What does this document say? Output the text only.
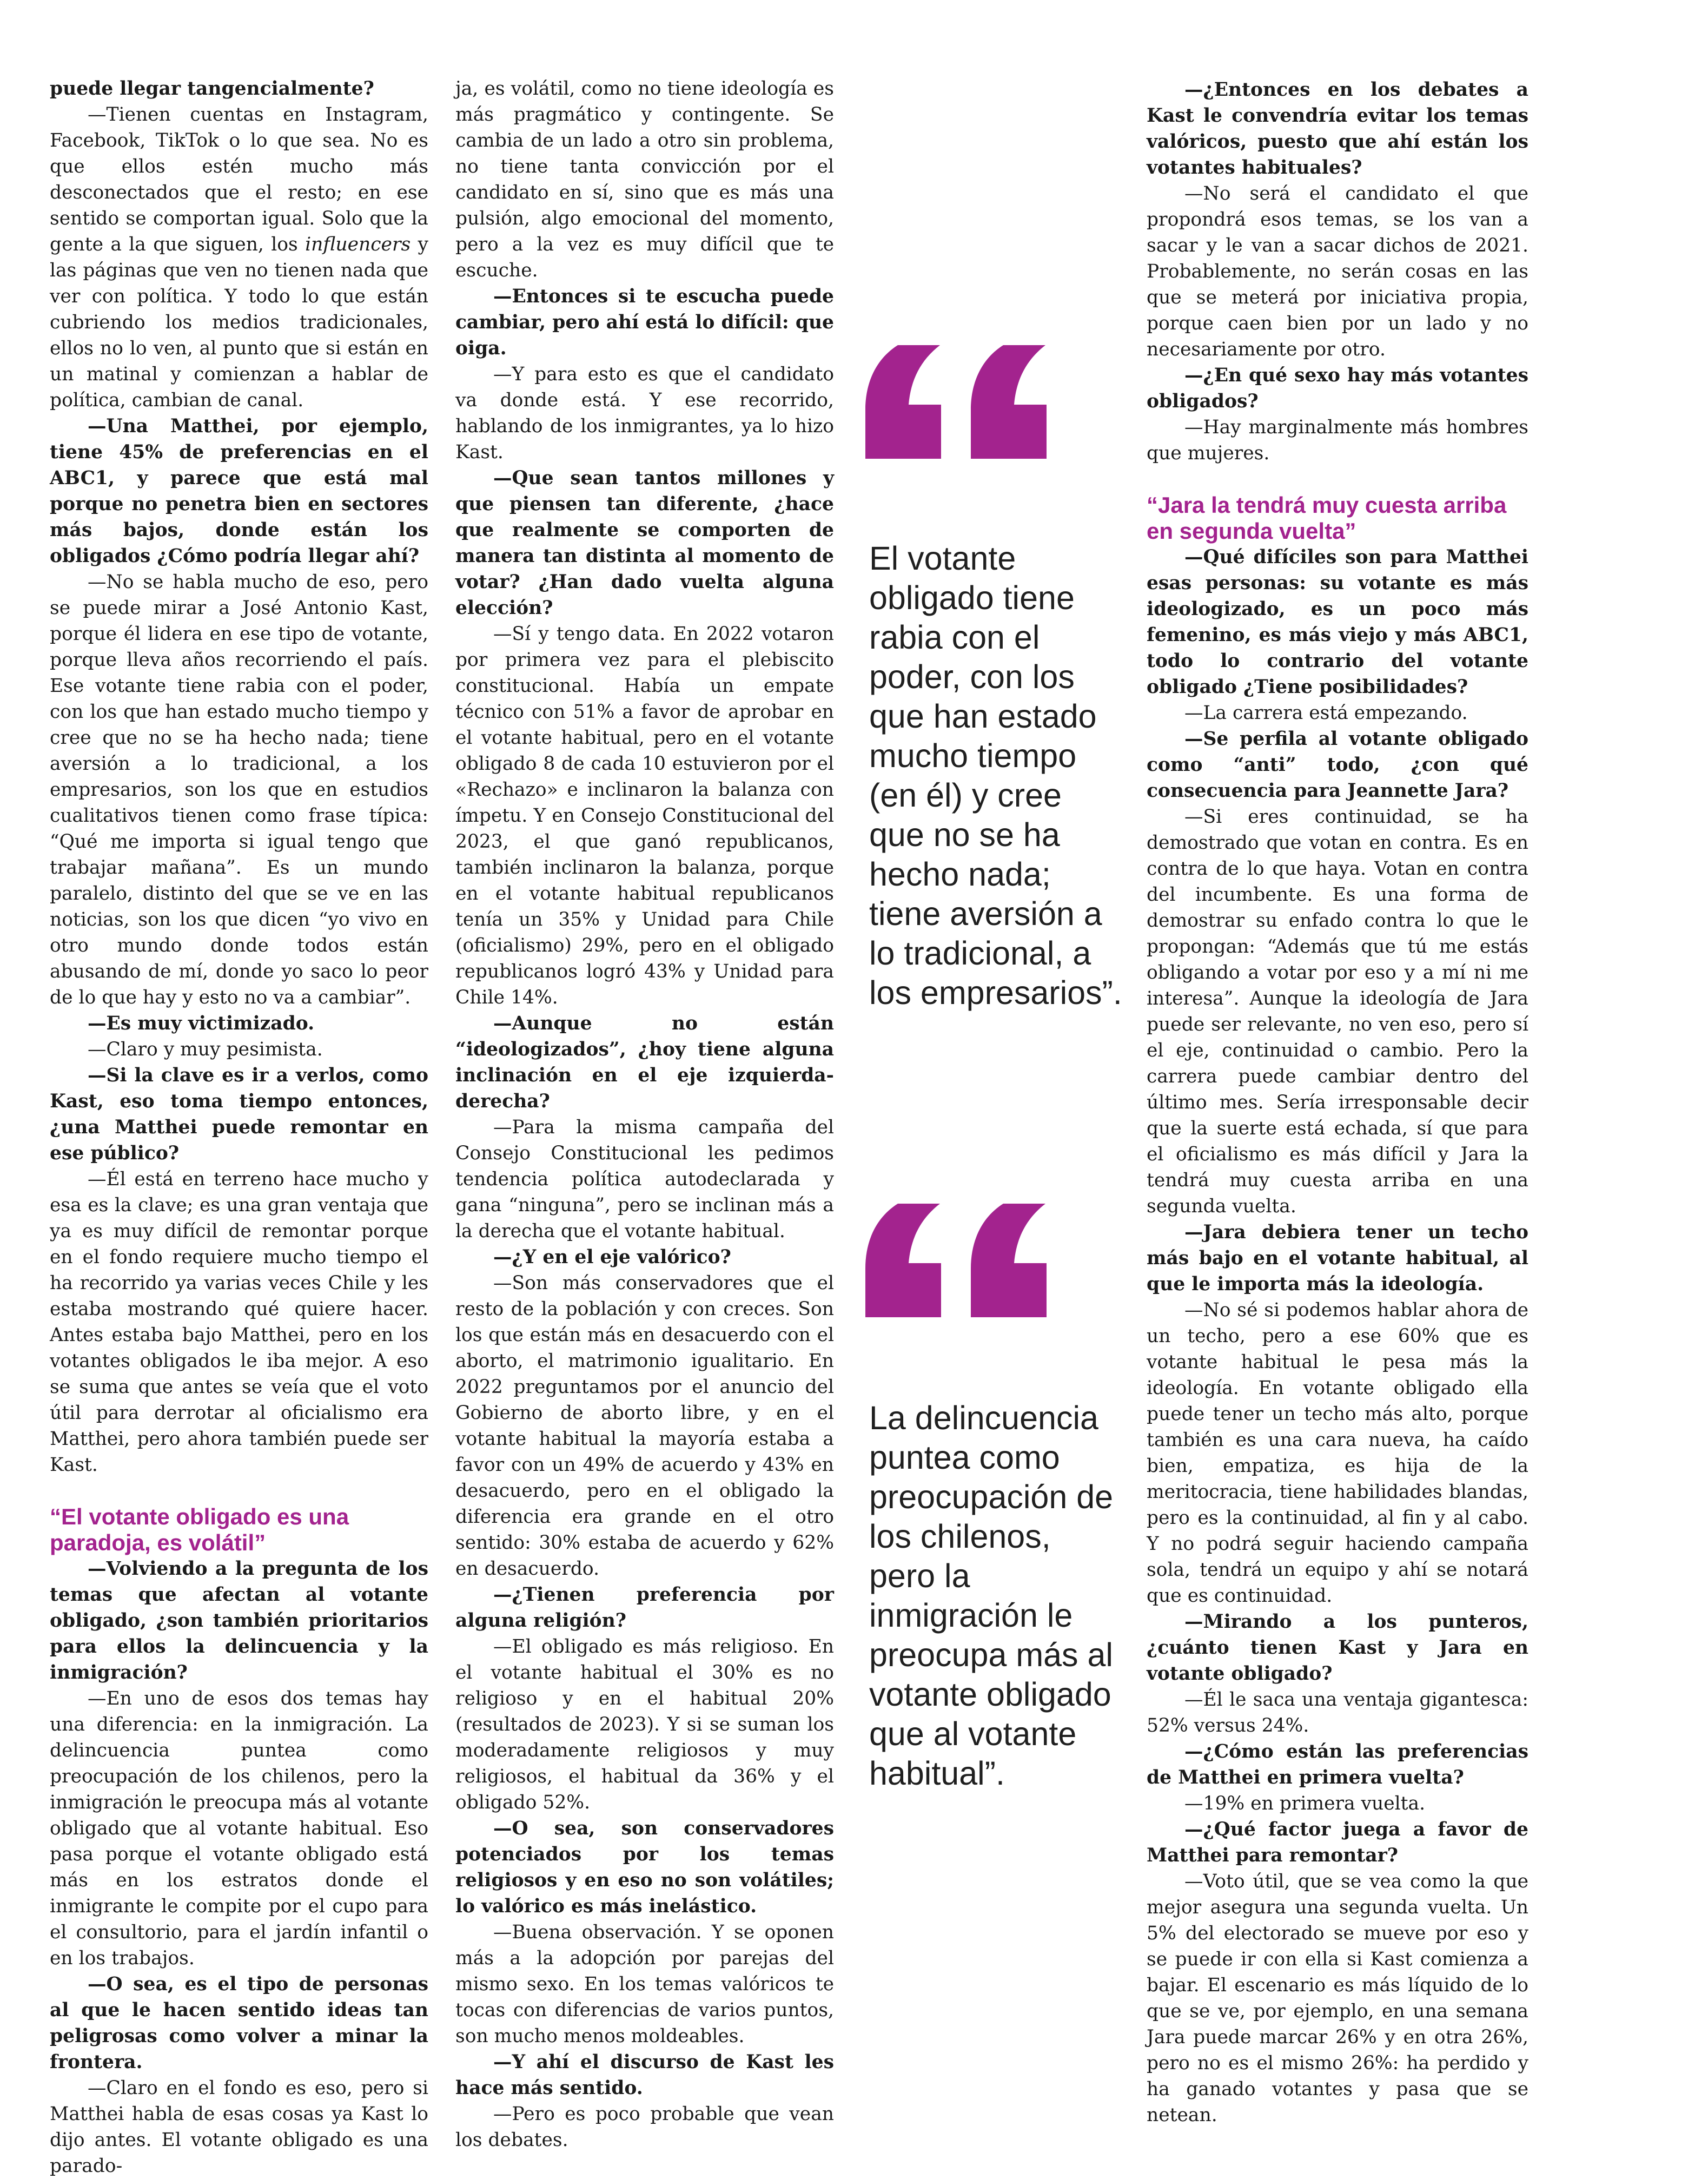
puede llegar tangencialmente?

—Tienen cuentas en Instagram, Facebook, TikTok o lo que sea. No es que ellos estén mucho más desconectados que el resto; en ese sentido se comportan igual. Solo que la gente a la que siguen, los influencers y las páginas que ven no tienen nada que ver con política. Y todo lo que están cubriendo los medios tradicionales, ellos no lo ven, al punto que si están en un matinal y comienzan a hablar de política, cambian de canal.

—Una Matthei, por ejemplo, tiene 45% de preferencias en el ABC1, y parece que está mal porque no penetra bien en sectores más bajos, donde están los obligados ¿Cómo podría llegar ahí?

—No se habla mucho de eso, pero se puede mirar a José Antonio Kast, porque él lidera en ese tipo de votante, porque lleva años recorriendo el país. Ese votante tiene rabia con el poder, con los que han estado mucho tiempo y cree que no se ha hecho nada; tiene aversión a lo tradicional, a los empresarios, son los que en estudios cualitativos tienen como frase típica: “Qué me importa si igual tengo que trabajar mañana”. Es un mundo paralelo, distinto del que se ve en las noticias, son los que dicen “yo vivo en otro mundo donde todos están abusando de mí, donde yo saco lo peor de lo que hay y esto no va a cambiar”.

—Es muy victimizado.

—Claro y muy pesimista.

—Si la clave es ir a verlos, como Kast, eso toma tiempo entonces, ¿una Matthei puede remontar en ese público?

—Él está en terreno hace mucho y esa es la clave; es una gran ventaja que ya es muy difícil de remontar porque en el fondo requiere mucho tiempo el ha recorrido ya varias veces Chile y les estaba mostrando qué quiere hacer. Antes estaba bajo Matthei, pero en los votantes obligados le iba mejor. A eso se suma que antes se veía que el voto útil para derrotar al oficialismo era Matthei, pero ahora también puede ser Kast.

“El votante obligado es una paradoja, es volátil”

—Volviendo a la pregunta de los temas que afectan al votante obligado, ¿son también prioritarios para ellos la delincuencia y la inmigración?

—En uno de esos dos temas hay una diferencia: en la inmigración. La delincuencia puntea como preocupación de los chilenos, pero la inmigración le preocupa más al votante obligado que al votante habitual. Eso pasa porque el votante obligado está más en los estratos donde el inmigrante le compite por el cupo para el consultorio, para el jardín infantil o en los trabajos.

—O sea, es el tipo de personas al que le hacen sentido ideas tan peligrosas como volver a minar la frontera.

—Claro en el fondo es eso, pero si Matthei habla de esas cosas ya Kast lo dijo antes. El votante obligado es una parado-

ja, es volátil, como no tiene ideología es más pragmático y contingente. Se cambia de un lado a otro sin problema, no tiene tanta convicción por el candidato en sí, sino que es más una pulsión, algo emocional del momento, pero a la vez es muy difícil que te escuche.

—Entonces si te escucha puede cambiar, pero ahí está lo difícil: que oiga.

—Y para esto es que el candidato va donde está. Y ese recorrido, hablando de los inmigrantes, ya lo hizo Kast.

—Que sean tantos millones y que piensen tan diferente, ¿hace que realmente se comporten de manera tan distinta al momento de votar? ¿Han dado vuelta alguna elección?

—Sí y tengo data. En 2022 votaron por primera vez para el plebiscito constitucional. Había un empate técnico con 51% a favor de aprobar en el votante habitual, pero en el votante obligado 8 de cada 10 estuvieron por el «Rechazo» e inclinaron la balanza con ímpetu. Y en Consejo Constitucional del 2023, el que ganó republicanos, también inclinaron la balanza, porque en el votante habitual republicanos tenía un 35% y Unidad para Chile (oficialismo) 29%, pero en el obligado republicanos logró 43% y Unidad para Chile 14%.

—Aunque no están “ideologizados”, ¿hoy tiene alguna inclinación en el eje izquierda-derecha?

—Para la misma campaña del Consejo Constitucional les pedimos tendencia política autodeclarada y gana “ninguna”, pero se inclinan más a la derecha que el votante habitual.

—¿Y en el eje valórico?

—Son más conservadores que el resto de la población y con creces. Son los que están más en desacuerdo con el aborto, el matrimonio igualitario. En 2022 preguntamos por el anuncio del Gobierno de aborto libre, y en el votante habitual la mayoría estaba a favor con un 49% de acuerdo y 43% en desacuerdo, pero en el obligado la diferencia era grande en el otro sentido: 30% estaba de acuerdo y 62% en desacuerdo.

—¿Tienen preferencia por alguna religión?

—El obligado es más religioso. En el votante habitual el 30% es no religioso y en el habitual 20% (resultados de 2023). Y si se suman los moderadamente religiosos y muy religiosos, el habitual da 36% y el obligado 52%.

—O sea, son conservadores potenciados por los temas religiosos y en eso no son volátiles; lo valórico es más inelástico.

—Buena observación. Y se oponen más a la adopción por parejas del mismo sexo. En los temas valóricos te tocas con diferencias de varios puntos, son mucho menos moldeables.

—Y ahí el discurso de Kast les hace más sentido.

—Pero es poco probable que vean los debates.

El votante obligado tiene rabia con el poder, con los que han estado mucho tiempo (en él) y cree que no se ha hecho nada; tiene aversión a lo tradicional, a los empresarios”.
La delincuencia puntea como preocupación de los chilenos, pero la inmigración le preocupa más al votante obligado que al votante habitual”.

—¿Entonces en los debates a Kast le convendría evitar los temas valóricos, puesto que ahí están los votantes habituales?

—No será el candidato el que propondrá esos temas, se los van a sacar y le van a sacar dichos de 2021. Probablemente, no serán cosas en las que se meterá por iniciativa propia, porque caen bien por un lado y no necesariamente por otro.

—¿En qué sexo hay más votantes obligados?

—Hay marginalmente más hombres que mujeres.

“Jara la tendrá muy cuesta arriba en segunda vuelta”

—Qué difíciles son para Matthei esas personas: su votante es más ideologizado, es un poco más femenino, es más viejo y más ABC1, todo lo contrario del votante obligado ¿Tiene posibilidades?

—La carrera está empezando.

—Se perfila al votante obligado como “anti” todo, ¿con qué consecuencia para Jeannette Jara?

—Si eres continuidad, se ha demostrado que votan en contra. Es en contra de lo que haya. Votan en contra del incumbente. Es una forma de demostrar su enfado contra lo que le propongan: “Además que tú me estás obligando a votar por eso y a mí ni me interesa”. Aunque la ideología de Jara puede ser relevante, no ven eso, pero sí el eje, continuidad o cambio. Pero la carrera puede cambiar dentro del último mes. Sería irresponsable decir que la suerte está echada, sí que para el oficialismo es más difícil y Jara la tendrá muy cuesta arriba en una segunda vuelta.

—Jara debiera tener un techo más bajo en el votante habitual, al que le importa más la ideología.

—No sé si podemos hablar ahora de un techo, pero a ese 60% que es votante habitual le pesa más la ideología. En votante obligado ella puede tener un techo más alto, porque también es una cara nueva, ha caído bien, empatiza, es hija de la meritocracia, tiene habilidades blandas, pero es la continuidad, al fin y al cabo. Y no podrá seguir haciendo campaña sola, tendrá un equipo y ahí se notará que es continuidad.

—Mirando a los punteros, ¿cuánto tienen Kast y Jara en votante obligado?

—Él le saca una ventaja gigantesca: 52% versus 24%.

—¿Cómo están las preferencias de Matthei en primera vuelta?

—19% en primera vuelta.

—¿Qué factor juega a favor de Matthei para remontar?

—Voto útil, que se vea como la que mejor asegura una segunda vuelta. Un 5% del electorado se mueve por eso y se puede ir con ella si Kast comienza a bajar. El escenario es más líquido de lo que se ve, por ejemplo, en una semana Jara puede marcar 26% y en otra 26%, pero no es el mismo 26%: ha perdido y ha ganado votantes y pasa que se netean.
